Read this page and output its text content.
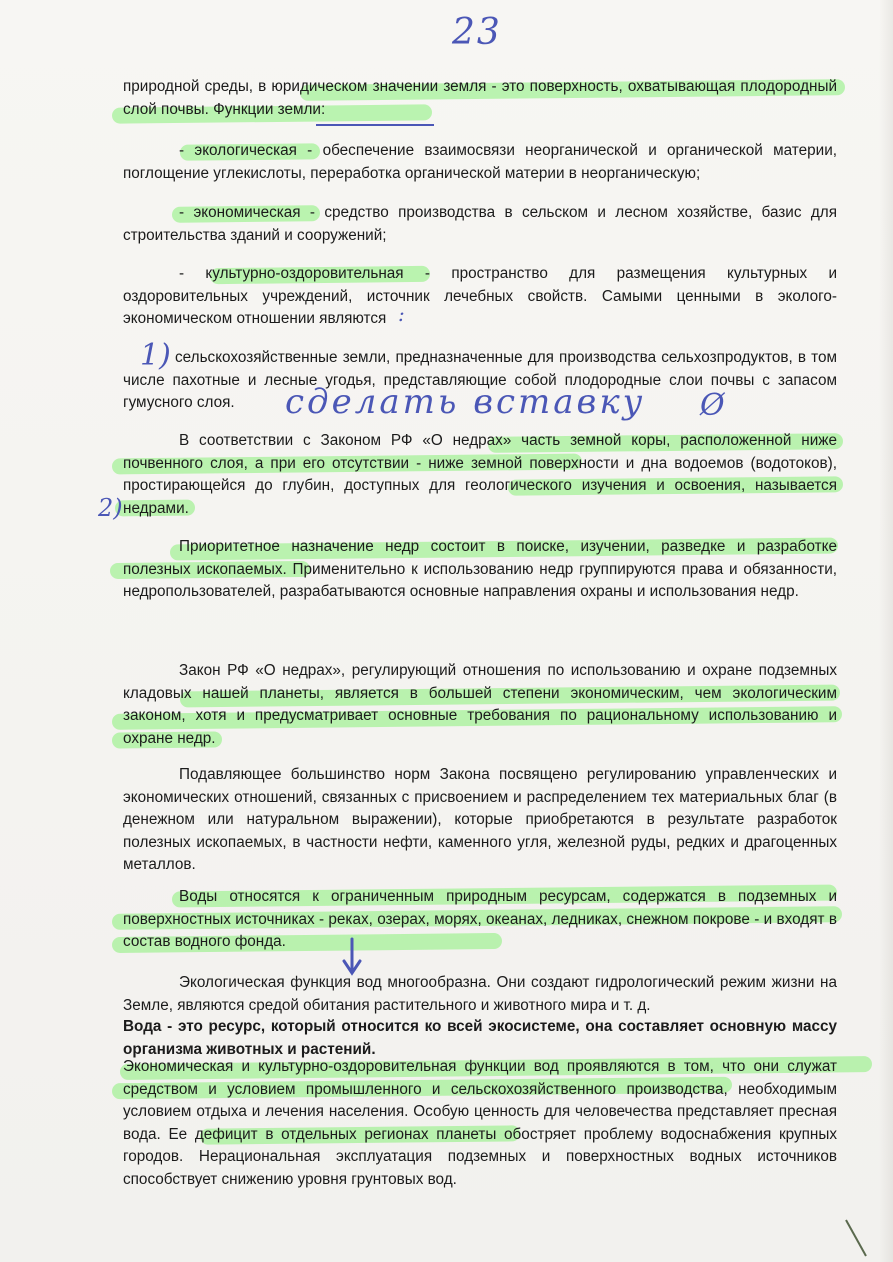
23
1)
2)
:
сделать вставку Ø
природной среды, в юридическом значении земля - это поверхность, охватывающая плодородный слой почвы. Функции земли:
- экологическая - обеспечение взаимосвязи неорганической и органической материи, поглощение углекислоты, переработка органической материи в неорганическую;
- экономическая - средство производства в сельском и лесном хозяйстве, базис для строительства зданий и сооружений;
- культурно-оздоровительная - пространство для размещения культурных и оздоровительных учреждений, источник лечебных свойств. Самыми ценными в эколого-экономическом отношении являются
сельскохозяйственные земли, предназначенные для производства сельхозпродуктов, в том числе пахотные и лесные угодья, представляющие собой плодородные слои почвы с запасом гумусного слоя.
В соответствии с Законом РФ «О недрах» часть земной коры, расположенной ниже почвенного слоя, а при его отсутствии - ниже земной поверхности и дна водоемов (водотоков), простирающейся до глубин, доступных для геологического изучения и освоения, называется недрами.
Приоритетное назначение недр состоит в поиске, изучении, разведке и разработке полезных ископаемых. Применительно к использованию недр группируются права и обязанности, недропользователей, разрабатываются основные направления охраны и использования недр.
Закон РФ «О недрах», регулирующий отношения по использованию и охране подземных кладовых нашей планеты, является в большей степени экономическим, чем экологическим законом, хотя и предусматривает основные требования по рациональному использованию и охране недр.
Подавляющее большинство норм Закона посвящено регулированию управленческих и экономических отношений, связанных с присвоением и распределением тех материальных благ (в денежном или натуральном выражении), которые приобретаются в результате разработок полезных ископаемых, в частности нефти, каменного угля, железной руды, редких и драгоценных металлов.
Воды относятся к ограниченным природным ресурсам, содержатся в подземных и поверхностных источниках - реках, озерах, морях, океанах, ледниках, снежном покрове - и входят в состав водного фонда.
Экологическая функция вод многообразна. Они создают гидрологический режим жизни на Земле, являются средой обитания растительного и животного мира и т. д.
Вода - это ресурс, который относится ко всей экосистеме, она составляет основную массу организма животных и растений.
Экономическая и культурно-оздоровительная функции вод проявляются в том, что они служат средством и условием промышленного и сельскохозяйственного производства, необходимым условием отдыха и лечения населения. Особую ценность для человечества представляет пресная вода. Ее дефицит в отдельных регионах планеты обостряет проблему водоснабжения крупных городов. Нерациональная эксплуатация подземных и поверхностных водных источников способствует снижению уровня грунтовых вод.
